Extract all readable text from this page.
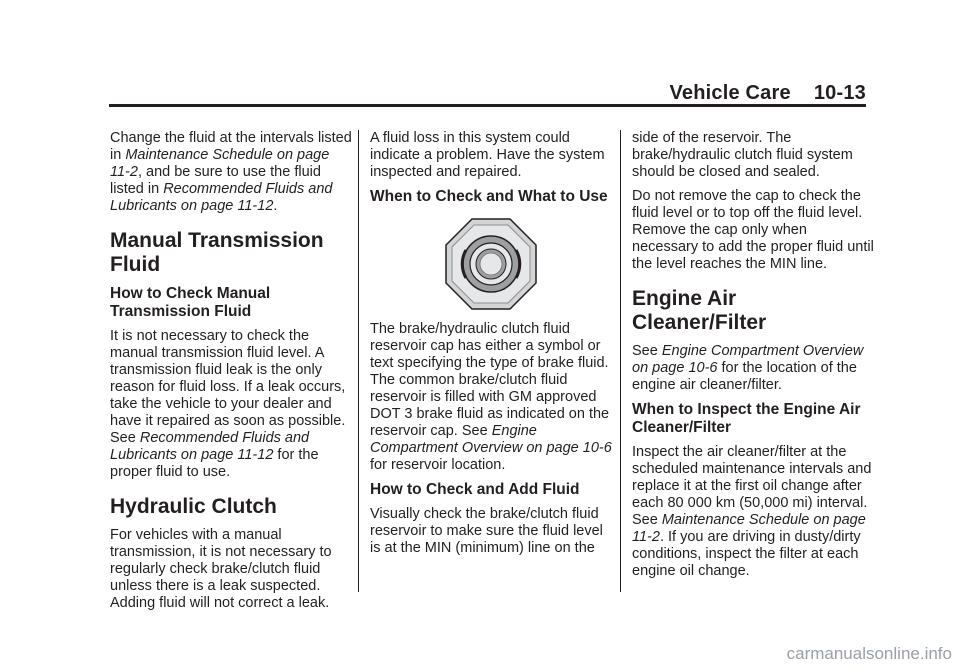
Vehicle Care 10-13

Change the fluid at the intervals listed in Maintenance Schedule on page 11-2, and be sure to use the fluid listed in Recommended Fluids and Lubricants on page 11-12.

Manual Transmission Fluid
How to Check Manual Transmission Fluid

It is not necessary to check the manual transmission fluid level. A transmission fluid leak is the only reason for fluid loss. If a leak occurs, take the vehicle to your dealer and have it repaired as soon as possible. See Recommended Fluids and Lubricants on page 11-12 for the proper fluid to use.

Hydraulic Clutch

For vehicles with a manual transmission, it is not necessary to regularly check brake/clutch fluid unless there is a leak suspected. Adding fluid will not correct a leak.

A fluid loss in this system could indicate a problem. Have the system inspected and repaired.

When to Check and What to Use

The brake/hydraulic clutch fluid reservoir cap has either a symbol or text specifying the type of brake fluid. The common brake/clutch fluid reservoir is filled with GM approved DOT 3 brake fluid as indicated on the reservoir cap. See Engine Compartment Overview on page 10-6 for reservoir location.

How to Check and Add Fluid

Visually check the brake/clutch fluid reservoir to make sure the fluid level is at the MIN (minimum) line on the

side of the reservoir. The brake/hydraulic clutch fluid system should be closed and sealed.

Do not remove the cap to check the fluid level or to top off the fluid level. Remove the cap only when necessary to add the proper fluid until the level reaches the MIN line.

Engine Air Cleaner/Filter

See Engine Compartment Overview on page 10-6 for the location of the engine air cleaner/filter.

When to Inspect the Engine Air Cleaner/Filter

Inspect the air cleaner/filter at the scheduled maintenance intervals and replace it at the first oil change after each 80 000 km (50,000 mi) interval. See Maintenance Schedule on page 11-2. If you are driving in dusty/dirty conditions, inspect the filter at each engine oil change.

carmanualsonline.info
